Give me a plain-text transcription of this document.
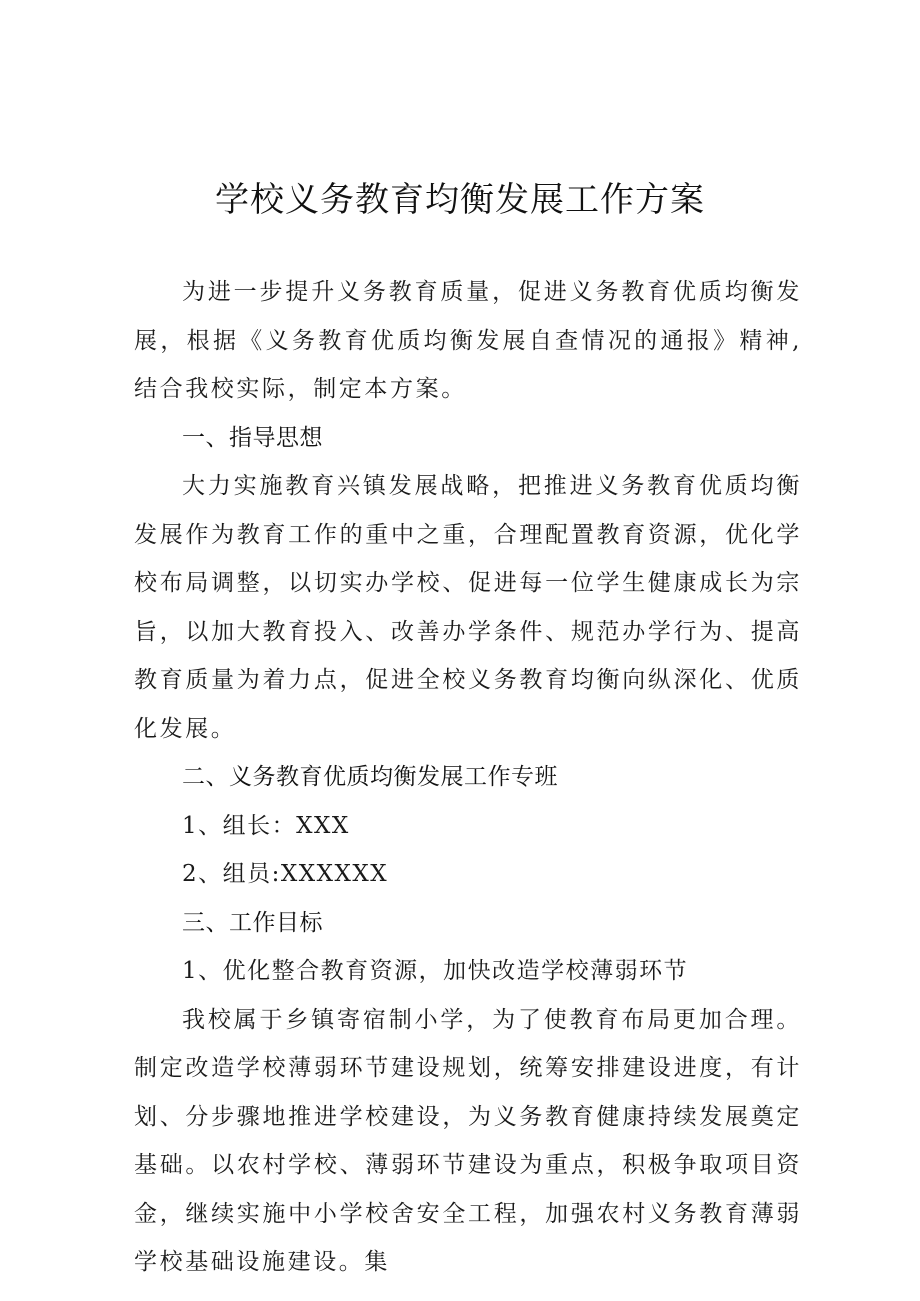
学校义务教育均衡发展工作方案

为进一步提升义务教育质量，促进义务教育优质均衡发展，根据《义务教育优质均衡发展自查情况的通报》精神,结合我校实际，制定本方案。

一、指导思想

大力实施教育兴镇发展战略，把推进义务教育优质均衡发展作为教育工作的重中之重，合理配置教育资源，优化学校布局调整，以切实办学校、促进每一位学生健康成长为宗旨，以加大教育投入、改善办学条件、规范办学行为、提高教育质量为着力点，促进全校义务教育均衡向纵深化、优质化发展。

二、义务教育优质均衡发展工作专班

1、组长：XXX

2、组员:XXXXXX

三、工作目标

1、优化整合教育资源，加快改造学校薄弱环节

我校属于乡镇寄宿制小学，为了使教育布局更加合理。制定改造学校薄弱环节建设规划，统筹安排建设进度，有计划、分步骤地推进学校建设，为义务教育健康持续发展奠定基础。以农村学校、薄弱环节建设为重点，积极争取项目资金，继续实施中小学校舍安全工程，加强农村义务教育薄弱学校基础设施建设。集
